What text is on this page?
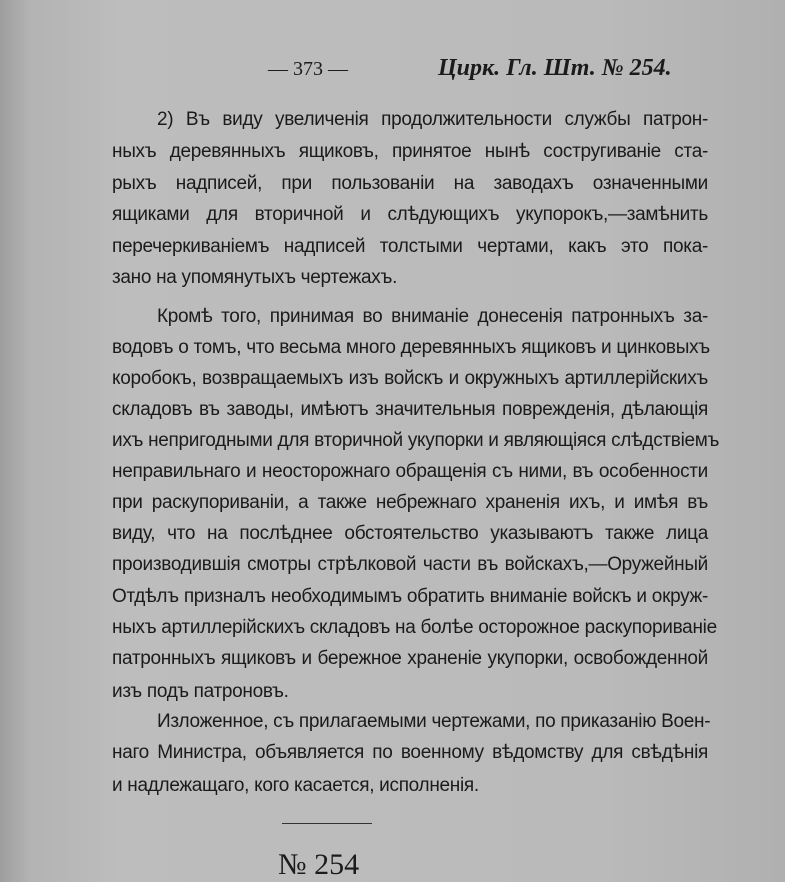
— 373 —	Цирк. Гл. Шт. № 254.
2) Въ виду увеличенія продолжительности службы патрон-
ныхъ деревянныхъ ящиковъ, принятое нынѣ состругиваніе ста-
рыхъ надписей, при пользованіи на заводахъ означенными
ящиками для вторичной и слѣдующихъ укупорокъ,—замѣнить
перечеркиваніемъ надписей толстыми чертами, какъ это пока-
зано на упомянутыхъ чертежахъ.
Кромѣ того, принимая во вниманіе донесенія патронныхъ за-
водовъ о томъ, что весьма много деревянныхъ ящиковъ и цинковыхъ
коробокъ, возвращаемыхъ изъ войскъ и окружныхъ артиллерійскихъ
складовъ въ заводы, имѣютъ значительныя поврежденія, дѣлающія
ихъ непригодными для вторичной укупорки и являющіяся слѣдствіемъ
неправильнаго и неосторожнаго обращенія съ ними, въ особенности
при раскупориваніи, а также небрежнаго храненія ихъ, и имѣя въ
виду, что на послѣднее обстоятельство указываютъ также лица
производившія смотры стрѣлковой части въ войскахъ,—Оружейный
Отдѣлъ призналъ необходимымъ обратить вниманіе войскъ и окруж-
ныхъ артиллерійскихъ складовъ на болѣе осторожное раскупориваніе
патронныхъ ящиковъ и бережное храненіе укупорки, освобожденной
изъ подъ патроновъ.
Изложенное, съ прилагаемыми чертежами, по приказанію Воен-
наго Министра, объявляется по военному вѣдомству для свѣдѣнія
и надлежащаго, кого касается, исполненія.
№ 254
